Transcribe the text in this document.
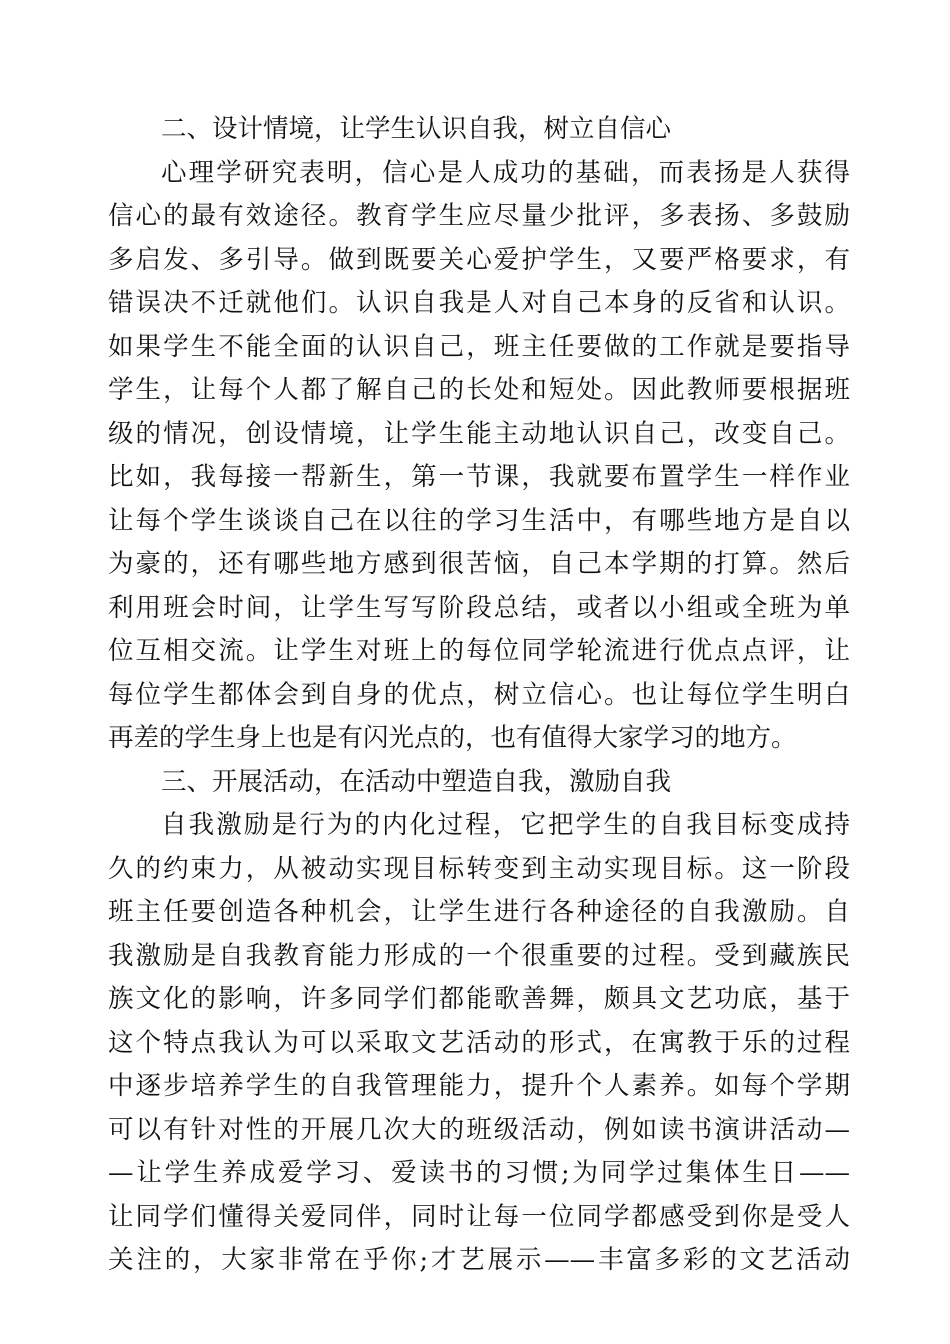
二、设计情境，让学生认识自我，树立自信心
心理学研究表明，信心是人成功的基础，而表扬是人获得
信心的最有效途径。教育学生应尽量少批评，多表扬、多鼓励
多启发、多引导。做到既要关心爱护学生，又要严格要求，有
错误决不迁就他们。认识自我是人对自己本身的反省和认识。
如果学生不能全面的认识自己，班主任要做的工作就是要指导
学生，让每个人都了解自己的长处和短处。因此教师要根据班
级的情况，创设情境，让学生能主动地认识自己，改变自己。
比如，我每接一帮新生，第一节课，我就要布置学生一样作业
让每个学生谈谈自己在以往的学习生活中，有哪些地方是自以
为豪的，还有哪些地方感到很苦恼，自己本学期的打算。然后
利用班会时间，让学生写写阶段总结，或者以小组或全班为单
位互相交流。让学生对班上的每位同学轮流进行优点点评，让
每位学生都体会到自身的优点，树立信心。也让每位学生明白
再差的学生身上也是有闪光点的，也有值得大家学习的地方。
三、开展活动，在活动中塑造自我，激励自我
自我激励是行为的内化过程，它把学生的自我目标变成持
久的约束力，从被动实现目标转变到主动实现目标。这一阶段
班主任要创造各种机会，让学生进行各种途径的自我激励。自
我激励是自我教育能力形成的一个很重要的过程。受到藏族民
族文化的影响，许多同学们都能歌善舞，颇具文艺功底，基于
这个特点我认为可以采取文艺活动的形式，在寓教于乐的过程
中逐步培养学生的自我管理能力，提升个人素养。如每个学期
可以有针对性的开展几次大的班级活动，例如读书演讲活动—
—让学生养成爱学习、爱读书的习惯;为同学过集体生日——
让同学们懂得关爱同伴，同时让每一位同学都感受到你是受人
关注的，大家非常在乎你;才艺展示——丰富多彩的文艺活动
